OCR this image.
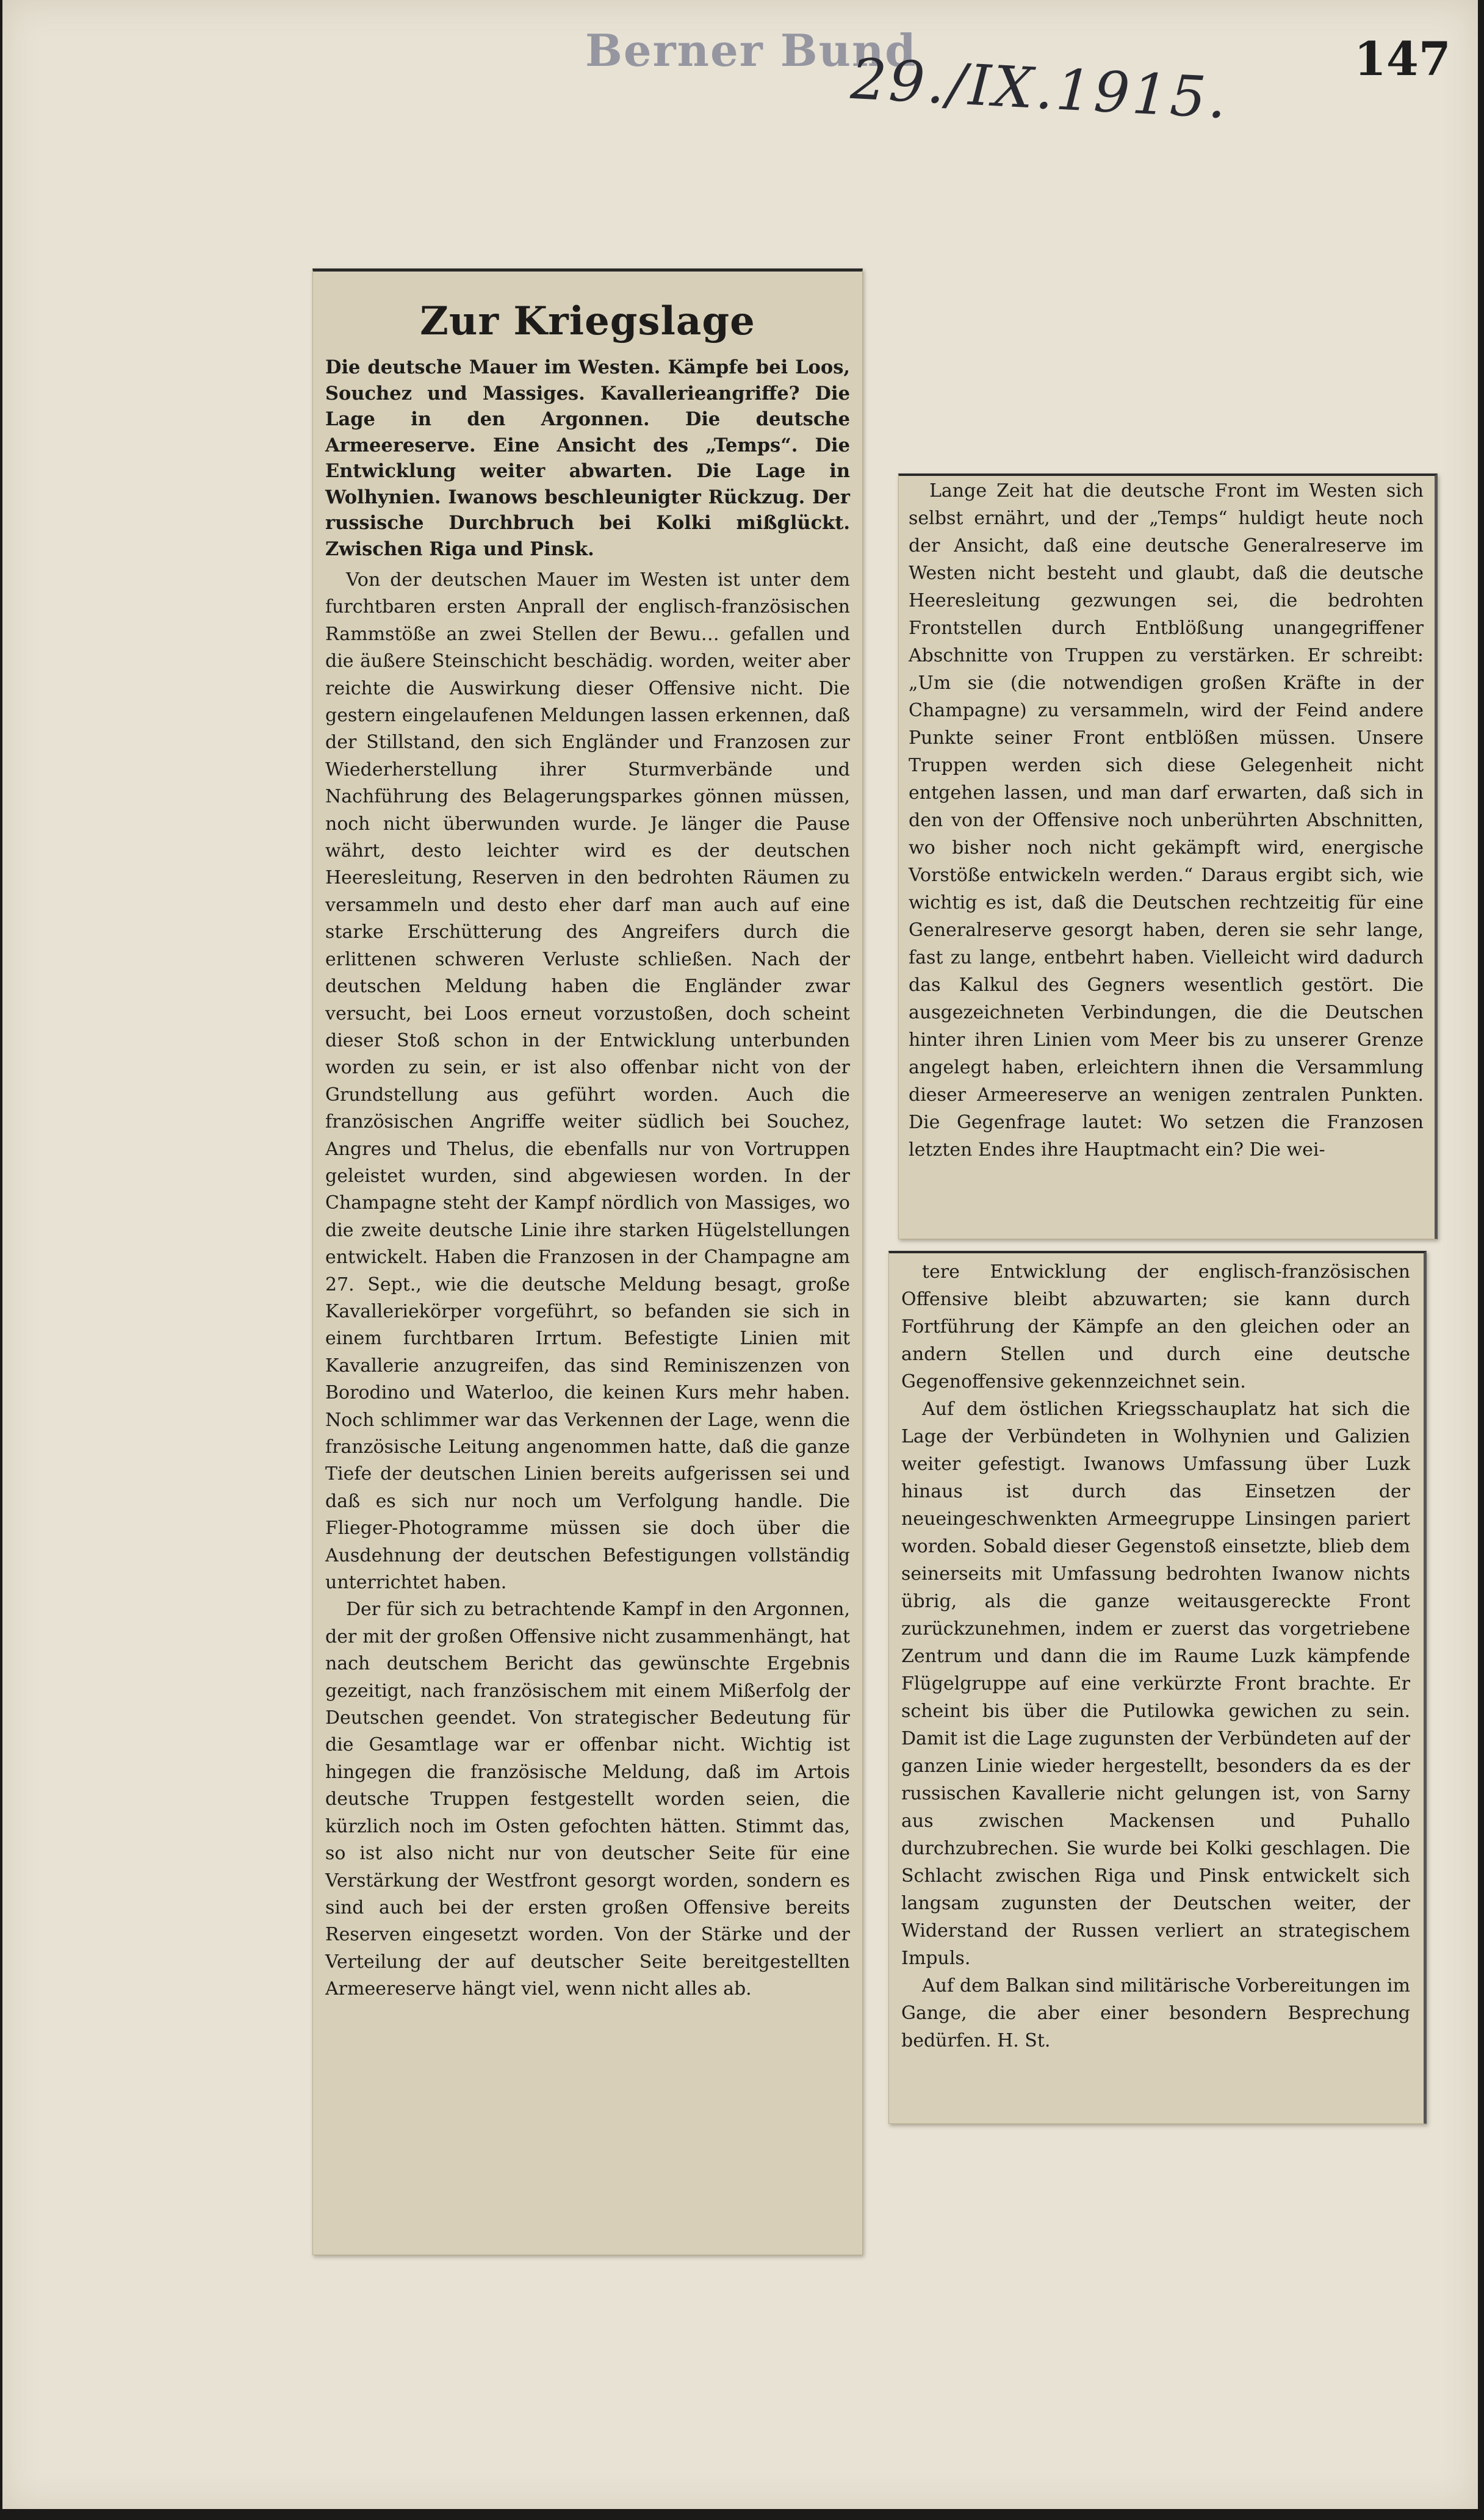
Berner Bund
29./IX.1915.	147
Zur Kriegslage
Die deutsche Mauer im Westen. Kämpfe bei Loos, Souchez und Massiges. Kavallerieangriffe? Die Lage in den Argonnen. Die deutsche Armeereserve. Eine Ansicht des „Temps“. Die Entwicklung weiter abwarten. Die Lage in Wolhynien. Iwanows beschleunigter Rückzug. Der russische Durchbruch bei Kolki mißglückt. Zwischen Riga und Pinsk.

Von der deutschen Mauer im Westen ist unter dem furchtbaren ersten Anprall der englisch-französischen Rammstöße an zwei Stellen der Bewu… gefallen und die äußere Steinschicht beschädig. worden, weiter aber reichte die Auswirkung dieser Offensive nicht. Die gestern eingelaufenen Meldungen lassen erkennen, daß der Stillstand, den sich Engländer und Franzosen zur Wiederherstellung ihrer Sturmverbände und Nachführung des Belagerungsparkes gönnen müssen, noch nicht überwunden wurde. Je länger die Pause währt, desto leichter wird es der deutschen Heeresleitung, Reserven in den bedrohten Räumen zu versammeln und desto eher darf man auch auf eine starke Erschütterung des Angreifers durch die erlittenen schweren Verluste schließen. Nach der deutschen Meldung haben die Engländer zwar versucht, bei Loos erneut vorzustoßen, doch scheint dieser Stoß schon in der Entwicklung unterbunden worden zu sein, er ist also offenbar nicht von der Grundstellung aus geführt worden. Auch die französischen Angriffe weiter südlich bei Souchez, Angres und Thelus, die ebenfalls nur von Vortruppen geleistet wurden, sind abgewiesen worden. In der Champagne steht der Kampf nördlich von Massiges, wo die zweite deutsche Linie ihre starken Hügelstellungen entwickelt. Haben die Franzosen in der Champagne am 27. Sept., wie die deutsche Meldung besagt, große Kavalleriekörper vorgeführt, so befanden sie sich in einem furchtbaren Irrtum. Befestigte Linien mit Kavallerie anzugreifen, das sind Reminiszenzen von Borodino und Waterloo, die keinen Kurs mehr haben. Noch schlimmer war das Verkennen der Lage, wenn die französische Leitung angenommen hatte, daß die ganze Tiefe der deutschen Linien bereits aufgerissen sei und daß es sich nur noch um Verfolgung handle. Die Flieger-Photogramme müssen sie doch über die Ausdehnung der deutschen Befestigungen vollständig unterrichtet haben.

Der für sich zu betrachtende Kampf in den Argonnen, der mit der großen Offensive nicht zusammenhängt, hat nach deutschem Bericht das gewünschte Ergebnis gezeitigt, nach französischem mit einem Mißerfolg der Deutschen geendet. Von strategischer Bedeutung für die Gesamtlage war er offenbar nicht. Wichtig ist hingegen die französische Meldung, daß im Artois deutsche Truppen festgestellt worden seien, die kürzlich noch im Osten gefochten hätten. Stimmt das, so ist also nicht nur von deutscher Seite für eine Verstärkung der Westfront gesorgt worden, sondern es sind auch bei der ersten großen Offensive bereits Reserven eingesetzt worden. Von der Stärke und der Verteilung der auf deutscher Seite bereitgestellten Armeereserve hängt viel, wenn nicht alles ab.

Lange Zeit hat die deutsche Front im Westen sich selbst ernährt, und der „Temps“ huldigt heute noch der Ansicht, daß eine deutsche Generalreserve im Westen nicht besteht und glaubt, daß die deutsche Heeresleitung gezwungen sei, die bedrohten Frontstellen durch Entblößung unangegriffener Abschnitte von Truppen zu verstärken. Er schreibt: „Um sie (die notwendigen großen Kräfte in der Champagne) zu versammeln, wird der Feind andere Punkte seiner Front entblößen müssen. Unsere Truppen werden sich diese Gelegenheit nicht entgehen lassen, und man darf erwarten, daß sich in den von der Offensive noch unberührten Abschnitten, wo bisher noch nicht gekämpft wird, energische Vorstöße entwickeln werden.“ Daraus ergibt sich, wie wichtig es ist, daß die Deutschen rechtzeitig für eine Generalreserve gesorgt haben, deren sie sehr lange, fast zu lange, entbehrt haben. Vielleicht wird dadurch das Kalkul des Gegners wesentlich gestört. Die ausgezeichneten Verbindungen, die die Deutschen hinter ihren Linien vom Meer bis zu unserer Grenze angelegt haben, erleichtern ihnen die Versammlung dieser Armeereserve an wenigen zentralen Punkten. Die Gegenfrage lautet: Wo setzen die Franzosen letzten Endes ihre Hauptmacht ein? Die wei-

tere Entwicklung der englisch-französischen Offensive bleibt abzuwarten; sie kann durch Fortführung der Kämpfe an den gleichen oder an andern Stellen und durch eine deutsche Gegenoffensive gekennzeichnet sein.

Auf dem östlichen Kriegsschauplatz hat sich die Lage der Verbündeten in Wolhynien und Galizien weiter gefestigt. Iwanows Umfassung über Luzk hinaus ist durch das Einsetzen der neueingeschwenkten Armeegruppe Linsingen pariert worden. Sobald dieser Gegenstoß einsetzte, blieb dem seinerseits mit Umfassung bedrohten Iwanow nichts übrig, als die ganze weitausgereckte Front zurückzunehmen, indem er zuerst das vorgetriebene Zentrum und dann die im Raume Luzk kämpfende Flügelgruppe auf eine verkürzte Front brachte. Er scheint bis über die Putilowka gewichen zu sein. Damit ist die Lage zugunsten der Verbündeten auf der ganzen Linie wieder hergestellt, besonders da es der russischen Kavallerie nicht gelungen ist, von Sarny aus zwischen Mackensen und Puhallo durchzubrechen. Sie wurde bei Kolki geschlagen. Die Schlacht zwischen Riga und Pinsk entwickelt sich langsam zugunsten der Deutschen weiter, der Widerstand der Russen verliert an strategischem Impuls.

Auf dem Balkan sind militärische Vorbereitungen im Gange, die aber einer besondern Besprechung bedürfen. H. St.
